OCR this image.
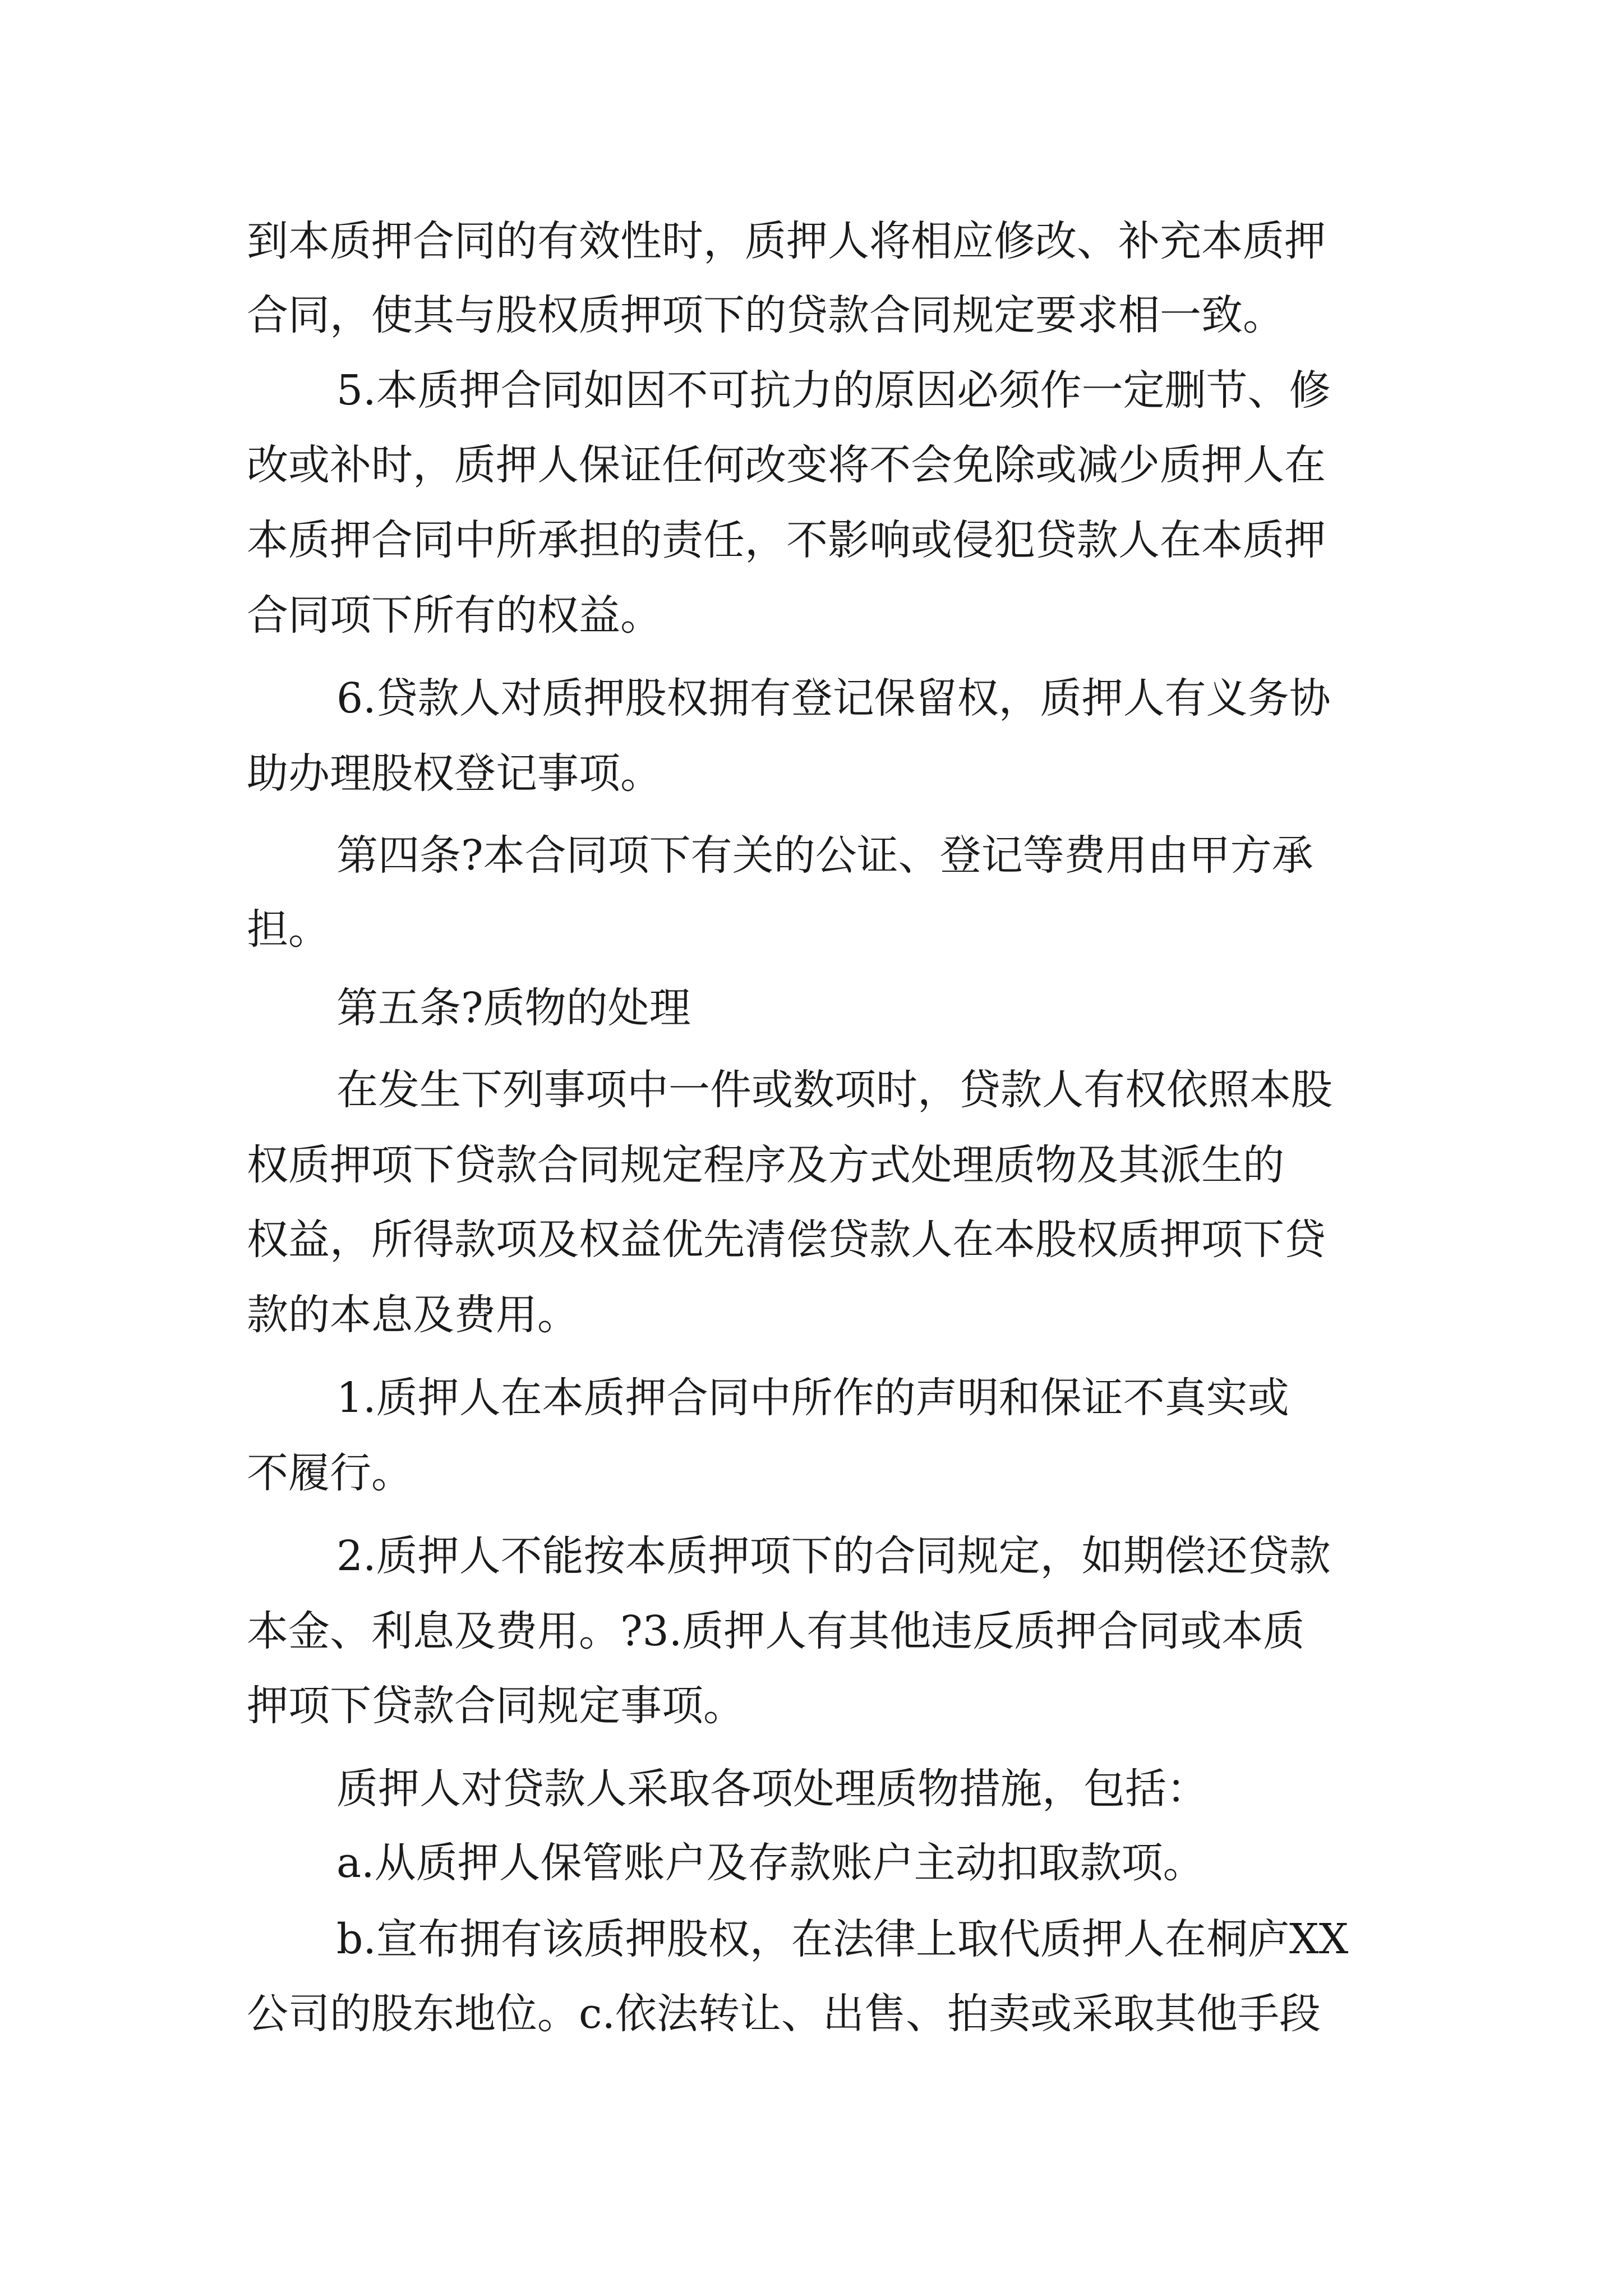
到本质押合同的有效性时，质押人将相应修改、补充本质押
合同，使其与股权质押项下的贷款合同规定要求相一致。
5.本质押合同如因不可抗力的原因必须作一定删节、修
改或补时，质押人保证任何改变将不会免除或减少质押人在
本质押合同中所承担的责任，不影响或侵犯贷款人在本质押
合同项下所有的权益。
6.贷款人对质押股权拥有登记保留权，质押人有义务协
助办理股权登记事项。
第四条?本合同项下有关的公证、登记等费用由甲方承
担。
第五条?质物的处理
在发生下列事项中一件或数项时，贷款人有权依照本股
权质押项下贷款合同规定程序及方式处理质物及其派生的
权益，所得款项及权益优先清偿贷款人在本股权质押项下贷
款的本息及费用。
1.质押人在本质押合同中所作的声明和保证不真实或
不履行。
2.质押人不能按本质押项下的合同规定，如期偿还贷款
本金、利息及费用。?3.质押人有其他违反质押合同或本质
押项下贷款合同规定事项。
质押人对贷款人采取各项处理质物措施，包括：
a.从质押人保管账户及存款账户主动扣取款项。
b.宣布拥有该质押股权，在法律上取代质押人在桐庐XX
公司的股东地位。c.依法转让、出售、拍卖或采取其他手段
